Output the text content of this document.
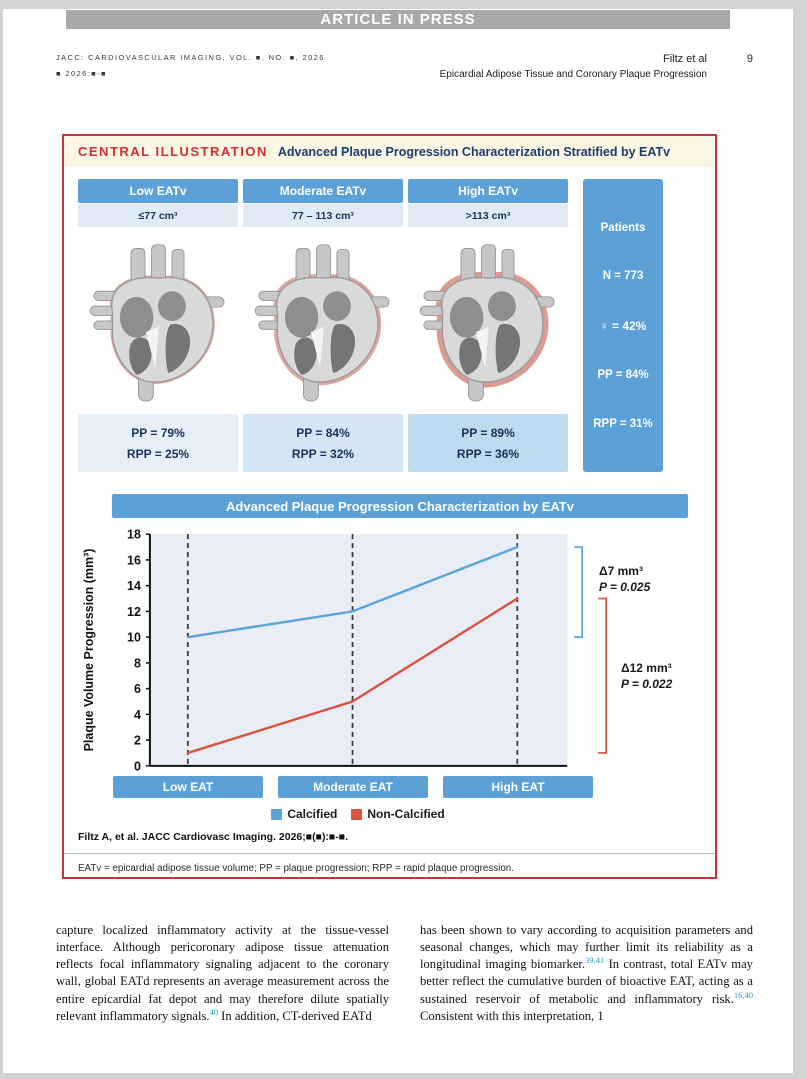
ARTICLE IN PRESS
JACC: CARDIOVASCULAR IMAGING, VOL. ■, NO. ■, 2026
■ 2026:■-■
Filtz et al
Epicardial Adipose Tissue and Coronary Plaque Progression
9
CENTRAL ILLUSTRATION Advanced Plaque Progression Characterization Stratified by EATv
Low EATv
≤77 cm³
PP = 79%
RPP = 25%
Moderate EATv
77 – 113 cm³
PP = 84%
RPP = 32%
High EATv
>113 cm³
PP = 89%
RPP = 36%
Patients
N = 773
♀ = 42%
PP = 84%
RPP = 31%
Advanced Plaque Progression Characterization by EATv
0
2
4
6
8
10
12
14
16
18
Plaque Volume Progression (mm³)	Δ7 mm³
P = 0.025
Δ12 mm³
P = 0.022
Low EAT	Moderate EAT	High EAT
Calcified	Non-Calcified
Filtz A, et al. JACC Cardiovasc Imaging. 2026;■(■):■-■.
EATv = epicardial adipose tissue volume; PP = plaque progression; RPP = rapid plaque progression.

capture localized inflammatory activity at the tissue-vessel interface. Although pericoronary adipose tissue attenuation reflects focal inflammatory signaling adjacent to the coronary wall, global EATd represents an average measurement across the entire epicardial fat depot and may therefore dilute spatially relevant inflammatory signals.$^{40}$ In addition, CT-derived EATd

has been shown to vary according to acquisition parameters and seasonal changes, which may further limit its reliability as a longitudinal imaging biomarker.$^{39,41}$ In contrast, total EATv may better reflect the cumulative burden of bioactive EAT, acting as a sustained reservoir of metabolic and inflammatory risk.$^{16,40}$ Consistent with this interpretation, 1
